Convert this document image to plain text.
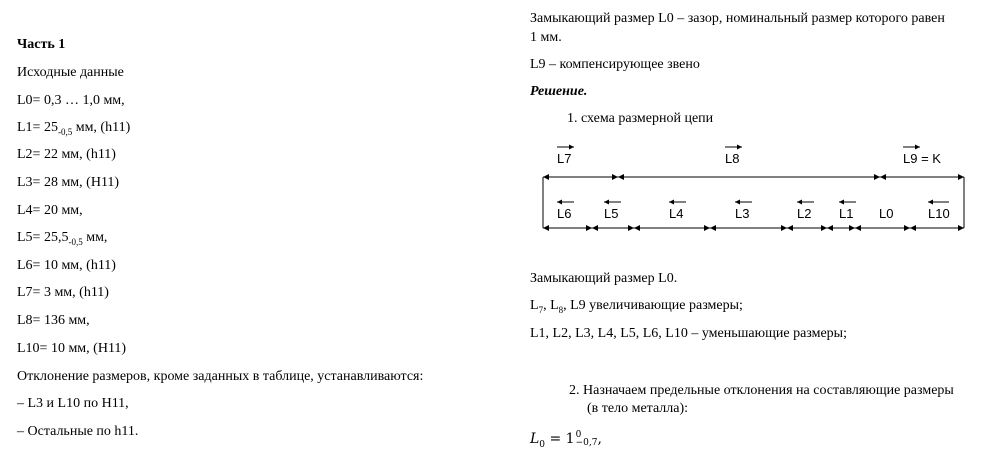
Часть 1
Исходные данные
L0= 0,3 … 1,0 мм,
$L1= 25_{-0,5}$ мм, (h11)
L2= 22 мм, (h11)
L3= 28 мм, (H11)
L4= 20 мм,
$L5= 25,5_{-0,5}$ мм,
L6= 10 мм, (h11)
L7= 3 мм, (h11)
L8= 136 мм,
L10= 10 мм, (H11)
Отклонение размеров, кроме заданных в таблице, устанавливаются:
– L3 и L10 по H11,
– Остальные по h11.
Замыкающий размер L0 – зазор, номинальный размер которого равен
1 мм.
L9 – компенсирующее звено
Решение.
1. схема размерной цепи
L7	L8	L9 = K
L6	L5	L4	L3	L2 L1 L0	L10
Замыкающий размер L0.
$L_7$, $L_8$, L9 увеличивающие размеры;
L1, L2, L3, L4, L5, L6, L10 – уменьшающие размеры;
2. Назначаем предельные отклонения на составляющие размеры
(в тело металла):
$L_0 = 1$ 0
−0,7 ,
